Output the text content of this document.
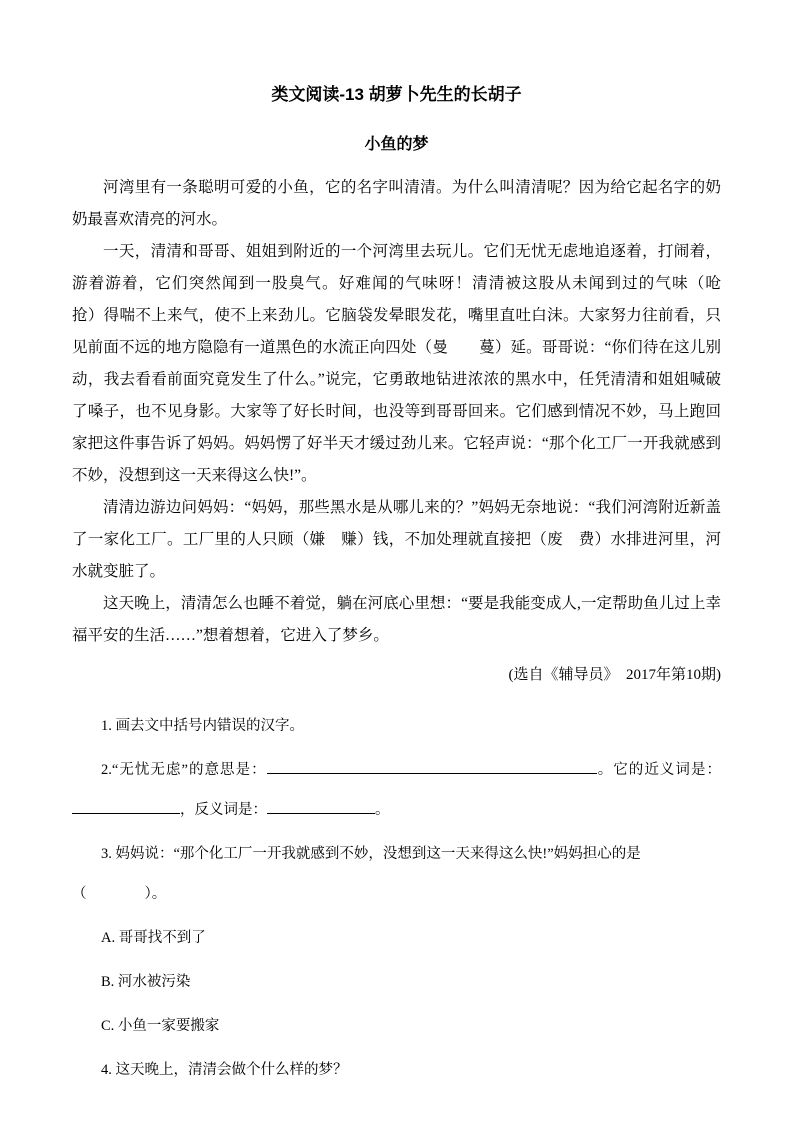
类文阅读-13 胡萝卜先生的长胡子
小鱼的梦

河湾里有一条聪明可爱的小鱼，它的名字叫清清。为什么叫清清呢？因为给它起名字的奶奶最喜欢清亮的河水。

一天，清清和哥哥、姐姐到附近的一个河湾里去玩儿。它们无忧无虑地追逐着，打闹着，游着游着，它们突然闻到一股臭气。好难闻的气味呀！清清被这股从未闻到过的气味（呛　　抢）得喘不上来气，使不上来劲儿。它脑袋发晕眼发花，嘴里直吐白沫。大家努力往前看，只见前面不远的地方隐隐有一道黑色的水流正向四处（曼　　蔓）延。哥哥说：“你们待在这儿别动，我去看看前面究竟发生了什么。”说完，它勇敢地钻进浓浓的黑水中，任凭清清和姐姐喊破了嗓子，也不见身影。大家等了好长时间，也没等到哥哥回来。它们感到情况不妙，马上跑回家把这件事告诉了妈妈。妈妈愣了好半天才缓过劲儿来。它轻声说：“那个化工厂一开我就感到不妙，没想到这一天来得这么快!”。

清清边游边问妈妈：“妈妈，那些黑水是从哪儿来的？”妈妈无奈地说：“我们河湾附近新盖了一家化工厂。工厂里的人只顾（嫌　赚）钱，不加处理就直接把（废　费）水排进河里，河水就变脏了。

这天晚上，清清怎么也睡不着觉，躺在河底心里想：“要是我能变成人,一定帮助鱼儿过上幸福平安的生活……”想着想着，它进入了梦乡。

(选自《辅导员》　2017年第10期)

1. 画去文中括号内错误的汉字。

2.“无忧无虑”的意思是：	。它的近义词是：，反义词是：	。

3. 妈妈说：“那个化工厂一开我就感到不妙，没想到这一天来得这么快!”妈妈担心的是
（　　　　）。

A. 哥哥找不到了

B. 河水被污染

C. 小鱼一家要搬家

4. 这天晚上，清清会做个什么样的梦？
